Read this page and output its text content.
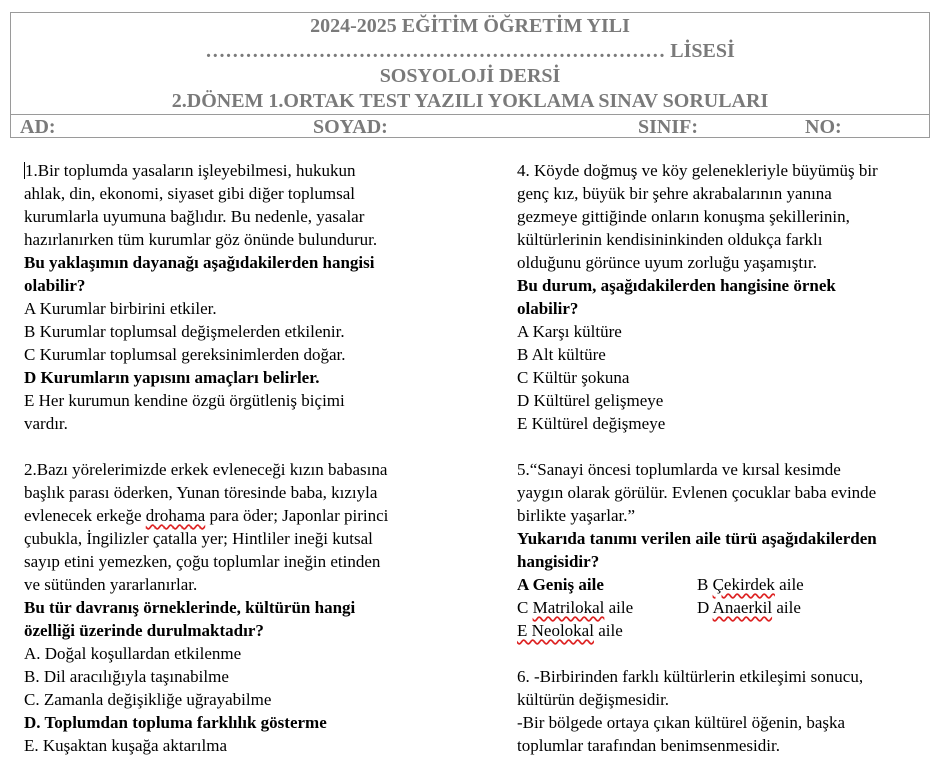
2024-2025 EĞİTİM ÖĞRETİM YILI
…………………………………………………………… LİSESİ
SOSYOLOJİ DERSİ
2.DÖNEM 1.ORTAK TEST YAZILI YOKLAMA SINAV SORULARI
AD:	SOYAD:	SINIF:	NO:

1.Bir toplumda yasaların işleyebilmesi, hukukun

ahlak, din, ekonomi, siyaset gibi diğer toplumsal

kurumlarla uyumuna bağlıdır. Bu nedenle, yasalar

hazırlanırken tüm kurumlar göz önünde bulundurur.

Bu yaklaşımın dayanağı aşağıdakilerden hangisi

olabilir?

A Kurumlar birbirini etkiler.

B Kurumlar toplumsal değişmelerden etkilenir.

C Kurumlar toplumsal gereksinimlerden doğar.

D Kurumların yapısını amaçları belirler.

E Her kurumun kendine özgü örgütleniş biçimi

vardır.

2.Bazı yörelerimizde erkek evleneceği kızın babasına

başlık parası öderken, Yunan töresinde baba, kızıyla

evlenecek erkeğe drohama para öder; Japonlar pirinci

çubukla, İngilizler çatalla yer; Hintliler ineği kutsal

sayıp etini yemezken, çoğu toplumlar ineğin etinden

ve sütünden yararlanırlar.

Bu tür davranış örneklerinde, kültürün hangi

özelliği üzerinde durulmaktadır?

A. Doğal koşullardan etkilenme

B. Dil aracılığıyla taşınabilme

C. Zamanla değişikliğe uğrayabilme

D. Toplumdan topluma farklılık gösterme

E. Kuşaktan kuşağa aktarılma

4. Köyde doğmuş ve köy gelenekleriyle büyümüş bir

genç kız, büyük bir şehre akrabalarının yanına

gezmeye gittiğinde onların konuşma şekillerinin,

kültürlerinin kendisininkinden oldukça farklı

olduğunu görünce uyum zorluğu yaşamıştır.

Bu durum, aşağıdakilerden hangisine örnek

olabilir?

A Karşı kültüre

B Alt kültüre

C Kültür şokuna

D Kültürel gelişmeye

E Kültürel değişmeye

5.“Sanayi öncesi toplumlarda ve kırsal kesimde

yaygın olarak görülür. Evlenen çocuklar baba evinde

birlikte yaşarlar.”

Yukarıda tanımı verilen aile türü aşağıdakilerden

hangisidir?

A Geniş aile	B Çekirdek aile

C Matrilokal aile	D Anaerkil aile

E Neolokal aile

6. -Birbirinden farklı kültürlerin etkileşimi sonucu,

kültürün değişmesidir.

-Bir bölgede ortaya çıkan kültürel öğenin, başka

toplumlar tarafından benimsenmesidir.
